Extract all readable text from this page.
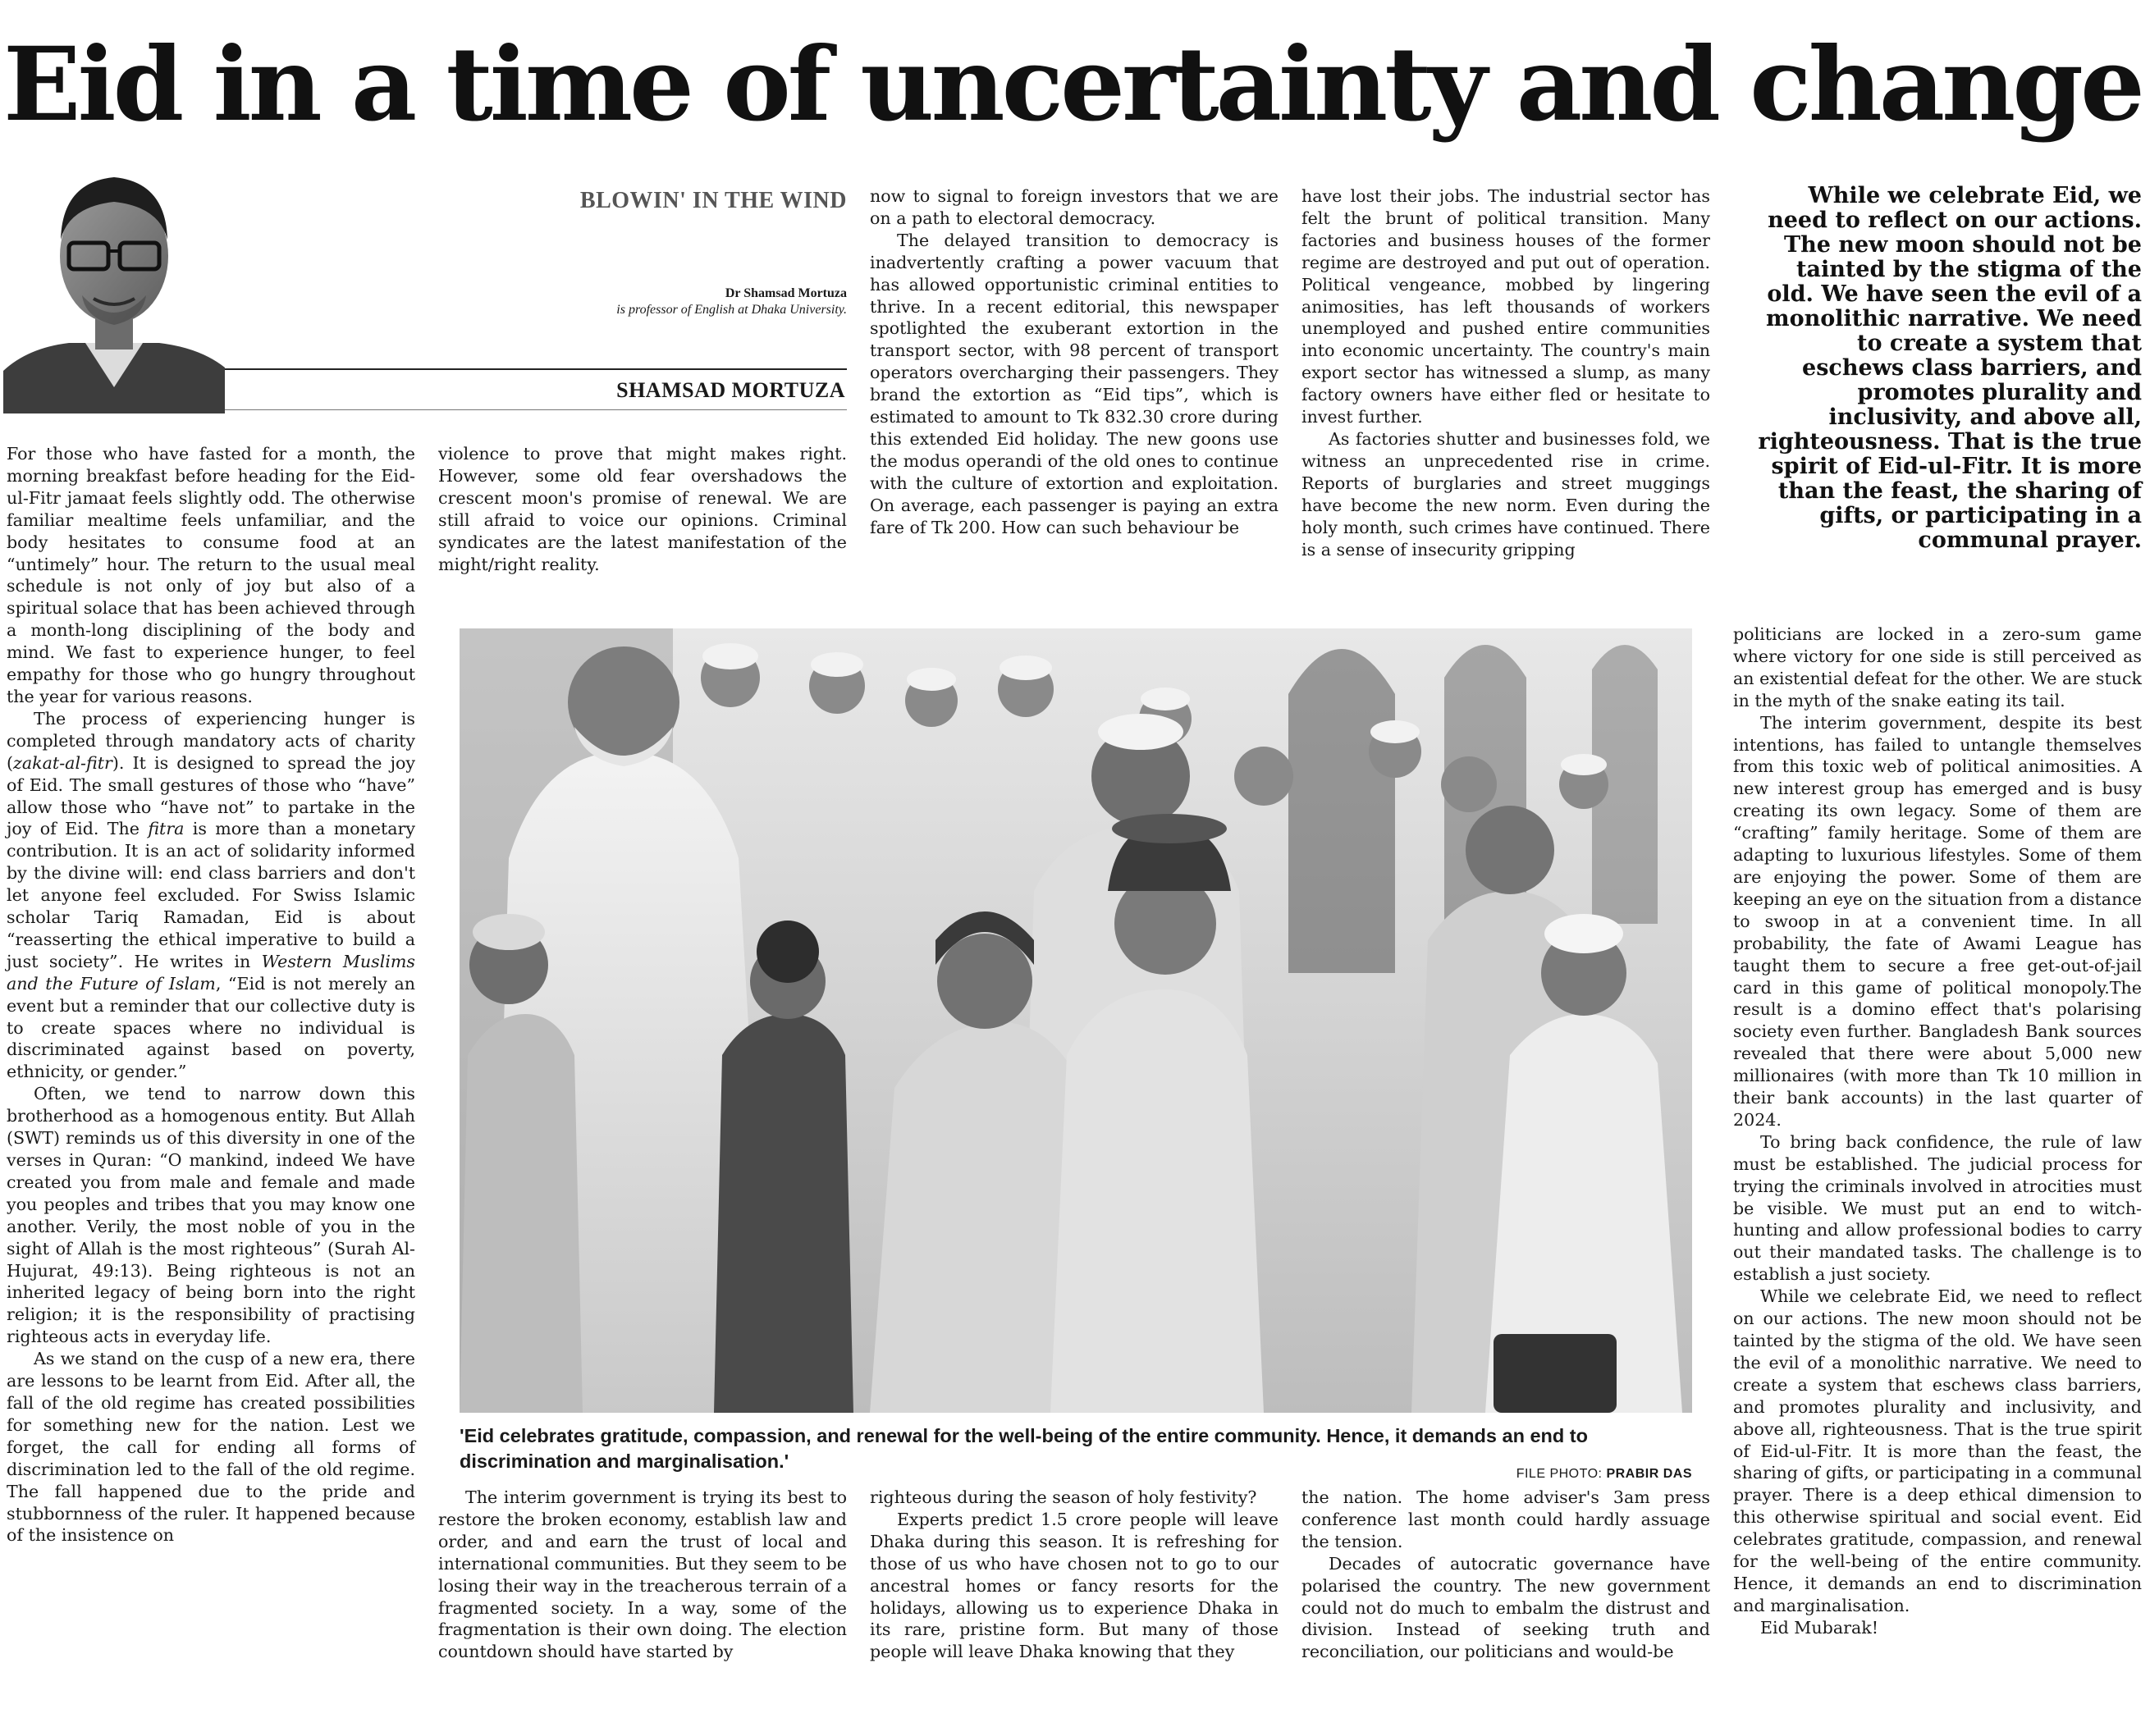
Eid in a time of uncertainty and change
BLOWIN' IN THE WIND
Dr Shamsad Mortuza
is professor of English at Dhaka University.
SHAMSAD MORTUZA

For those who have fasted for a month, the morning breakfast before heading for the Eid-ul-Fitr jamaat feels slightly odd. The otherwise familiar mealtime feels unfamiliar, and the body hesitates to consume food at an “untimely” hour. The return to the usual meal schedule is not only of joy but also of a spiritual solace that has been achieved through a month-long disciplining of the body and mind. We fast to experience hunger, to feel empathy for those who go hungry throughout the year for various reasons.

The process of experiencing hunger is completed through mandatory acts of charity (zakat-al-fitr). It is designed to spread the joy of Eid. The small gestures of those who “have” allow those who “have not” to partake in the joy of Eid. The fitra is more than a monetary contribution. It is an act of solidarity informed by the divine will: end class barriers and don't let anyone feel excluded. For Swiss Islamic scholar Tariq Ramadan, Eid is about “reasserting the ethical imperative to build a just society”. He writes in Western Muslims and the Future of Islam, “Eid is not merely an event but a reminder that our collective duty is to create spaces where no individual is discriminated against based on poverty, ethnicity, or gender.”

Often, we tend to narrow down this brotherhood as a homogenous entity. But Allah (SWT) reminds us of this diversity in one of the verses in Quran: “O mankind, indeed We have created you from male and female and made you peoples and tribes that you may know one another. Verily, the most noble of you in the sight of Allah is the most righteous” (Surah Al-Hujurat, 49:13). Being righteous is not an inherited legacy of being born into the right religion; it is the responsibility of practising righteous acts in everyday life.

As we stand on the cusp of a new era, there are lessons to be learnt from Eid. After all, the fall of the old regime has created possibilities for something new for the nation. Lest we forget, the call for ending all forms of discrimination led to the fall of the old regime. The fall happened due to the pride and stubbornness of the ruler. It happened because of the insistence on

violence to prove that might makes right. However, some old fear overshadows the crescent moon's promise of renewal. We are still afraid to voice our opinions. Criminal syndicates are the latest manifestation of the might/right reality.

The interim government is trying its best to restore the broken economy, establish law and order, and and earn the trust of local and international communities. But they seem to be losing their way in the treacherous terrain of a fragmented society. In a way, some of the fragmentation is their own doing. The election countdown should have started by

now to signal to foreign investors that we are on a path to electoral democracy.

The delayed transition to democracy is inadvertently crafting a power vacuum that has allowed opportunistic criminal entities to thrive. In a recent editorial, this newspaper spotlighted the exuberant extortion in the transport sector, with 98 percent of transport operators overcharging their passengers. They brand the extortion as “Eid tips”, which is estimated to amount to Tk 832.30 crore during this extended Eid holiday. The new goons use the modus operandi of the old ones to continue with the culture of extortion and exploitation. On average, each passenger is paying an extra fare of Tk 200. How can such behaviour be

righteous during the season of holy festivity?

Experts predict 1.5 crore people will leave Dhaka during this season. It is refreshing for those of us who have chosen not to go to our ancestral homes or fancy resorts for the holidays, allowing us to experience Dhaka in its rare, pristine form. But many of those people will leave Dhaka knowing that they

have lost their jobs. The industrial sector has felt the brunt of political transition. Many factories and business houses of the former regime are destroyed and put out of operation. Political vengeance, mobbed by lingering animosities, has left thousands of workers unemployed and pushed entire communities into economic uncertainty. The country's main export sector has witnessed a slump, as many factory owners have either fled or hesitate to invest further.

As factories shutter and businesses fold, we witness an unprecedented rise in crime. Reports of burglaries and street muggings have become the new norm. Even during the holy month, such crimes have continued. There is a sense of insecurity gripping

the nation. The home adviser's 3am press conference last month could hardly assuage the tension.

Decades of autocratic governance have polarised the country. The new government could not do much to embalm the distrust and division. Instead of seeking truth and reconciliation, our politicians and would-be

While we celebrate Eid, we need to reflect on our actions. The new moon should not be tainted by the stigma of the old. We have seen the evil of a monolithic narrative. We need to create a system that eschews class barriers, and promotes plurality and inclusivity, and above all, righteousness. That is the true spirit of Eid-ul-Fitr. It is more than the feast, the sharing of gifts, or participating in a communal prayer.

politicians are locked in a zero-sum game where victory for one side is still perceived as an existential defeat for the other. We are stuck in the myth of the snake eating its tail.

The interim government, despite its best intentions, has failed to untangle themselves from this toxic web of political animosities. A new interest group has emerged and is busy creating its own legacy. Some of them are “crafting” family heritage. Some of them are adapting to luxurious lifestyles. Some of them are enjoying the power. Some of them are keeping an eye on the situation from a distance to swoop in at a convenient time. In all probability, the fate of Awami League has taught them to secure a free get-out-of-jail card in this game of political monopoly.The result is a domino effect that's polarising society even further. Bangladesh Bank sources revealed that there were about 5,000 new millionaires (with more than Tk 10 million in their bank accounts) in the last quarter of 2024.

To bring back confidence, the rule of law must be established. The judicial process for trying the criminals involved in atrocities must be visible. We must put an end to witch-hunting and allow professional bodies to carry out their mandated tasks. The challenge is to establish a just society.

While we celebrate Eid, we need to reflect on our actions. The new moon should not be tainted by the stigma of the old. We have seen the evil of a monolithic narrative. We need to create a system that eschews class barriers, and promotes plurality and inclusivity, and above all, righteousness. That is the true spirit of Eid-ul-Fitr. It is more than the feast, the sharing of gifts, or participating in a communal prayer. There is a deep ethical dimension to this otherwise spiritual and social event. Eid celebrates gratitude, compassion, and renewal for the well-being of the entire community. Hence, it demands an end to discrimination and marginalisation.

Eid Mubarak!

'Eid celebrates gratitude, compassion, and renewal for the well-being of the entire community. Hence, it demands an end to discrimination and marginalisation.'

FILE PHOTO: PRABIR DAS
